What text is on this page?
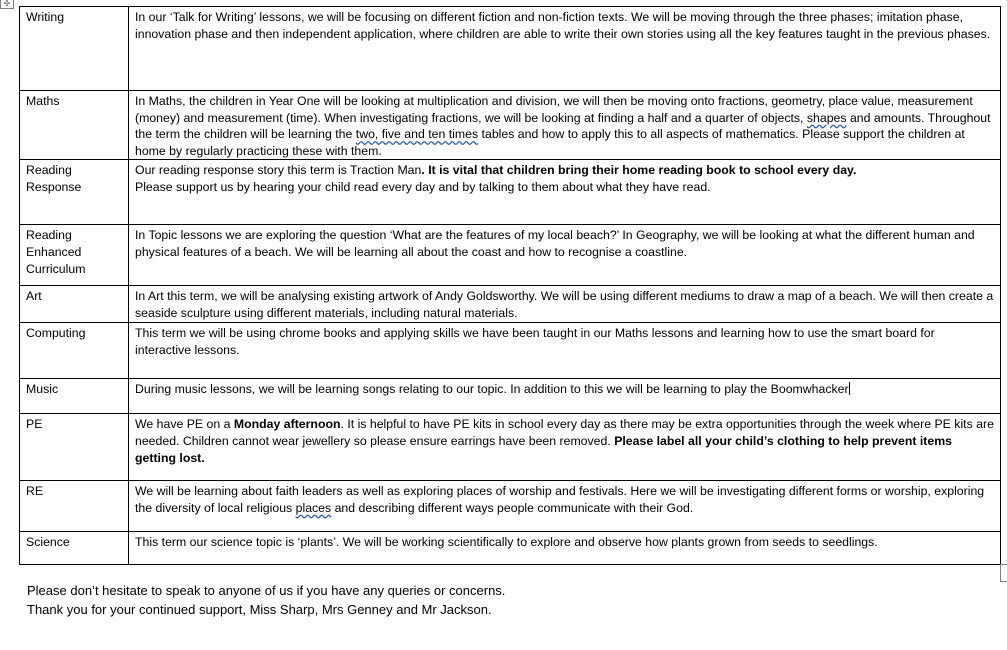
✣
Writing	In our ‘Talk for Writing’ lessons, we will be focusing on different fiction and non-fiction texts. We will be moving through the three phases; imitation phase, innovation phase and then independent application, where children are able to write their own stories using all the key features taught in the previous phases.
Maths	In Maths, the children in Year One will be looking at multiplication and division, we will then be moving onto fractions, geometry, place value, measurement (money) and measurement (time). When investigating fractions, we will be looking at finding a half and a quarter of objects, shapes and amounts. Throughout the term the children will be learning the two, five and ten times tables and how to apply this to all aspects of mathematics. Please support the children at home by regularly practicing these with them.
Reading Response	Our reading response story this term is Traction Man. It is vital that children bring their home reading book to school every day.
Please support us by hearing your child read every day and by talking to them about what they have read.
Reading Enhanced Curriculum	In Topic lessons we are exploring the question ‘What are the features of my local beach?’ In Geography, we will be looking at what the different human and physical features of a beach. We will be learning all about the coast and how to recognise a coastline.
Art	In Art this term, we will be analysing existing artwork of Andy Goldsworthy. We will be using different mediums to draw a map of a beach. We will then create a seaside sculpture using different materials, including natural materials.
Computing	This term we will be using chrome books and applying skills we have been taught in our Maths lessons and learning how to use the smart board for interactive lessons.
Music	During music lessons, we will be learning songs relating to our topic. In addition to this we will be learning to play the Boomwhacker
PE	We have PE on a Monday afternoon. It is helpful to have PE kits in school every day as there may be extra opportunities through the week where PE kits are needed. Children cannot wear jewellery so please ensure earrings have been removed. Please label all your child’s clothing to help prevent items getting lost.
RE	We will be learning about faith leaders as well as exploring places of worship and festivals. Here we will be investigating different forms or worship, exploring the diversity of local religious places and describing different ways people communicate with their God.
Science	This term our science topic is ‘plants’. We will be working scientifically to explore and observe how plants grown from seeds to seedlings.
Please don’t hesitate to speak to anyone of us if you have any queries or concerns.
Thank you for your continued support, Miss Sharp, Mrs Genney and Mr Jackson.
